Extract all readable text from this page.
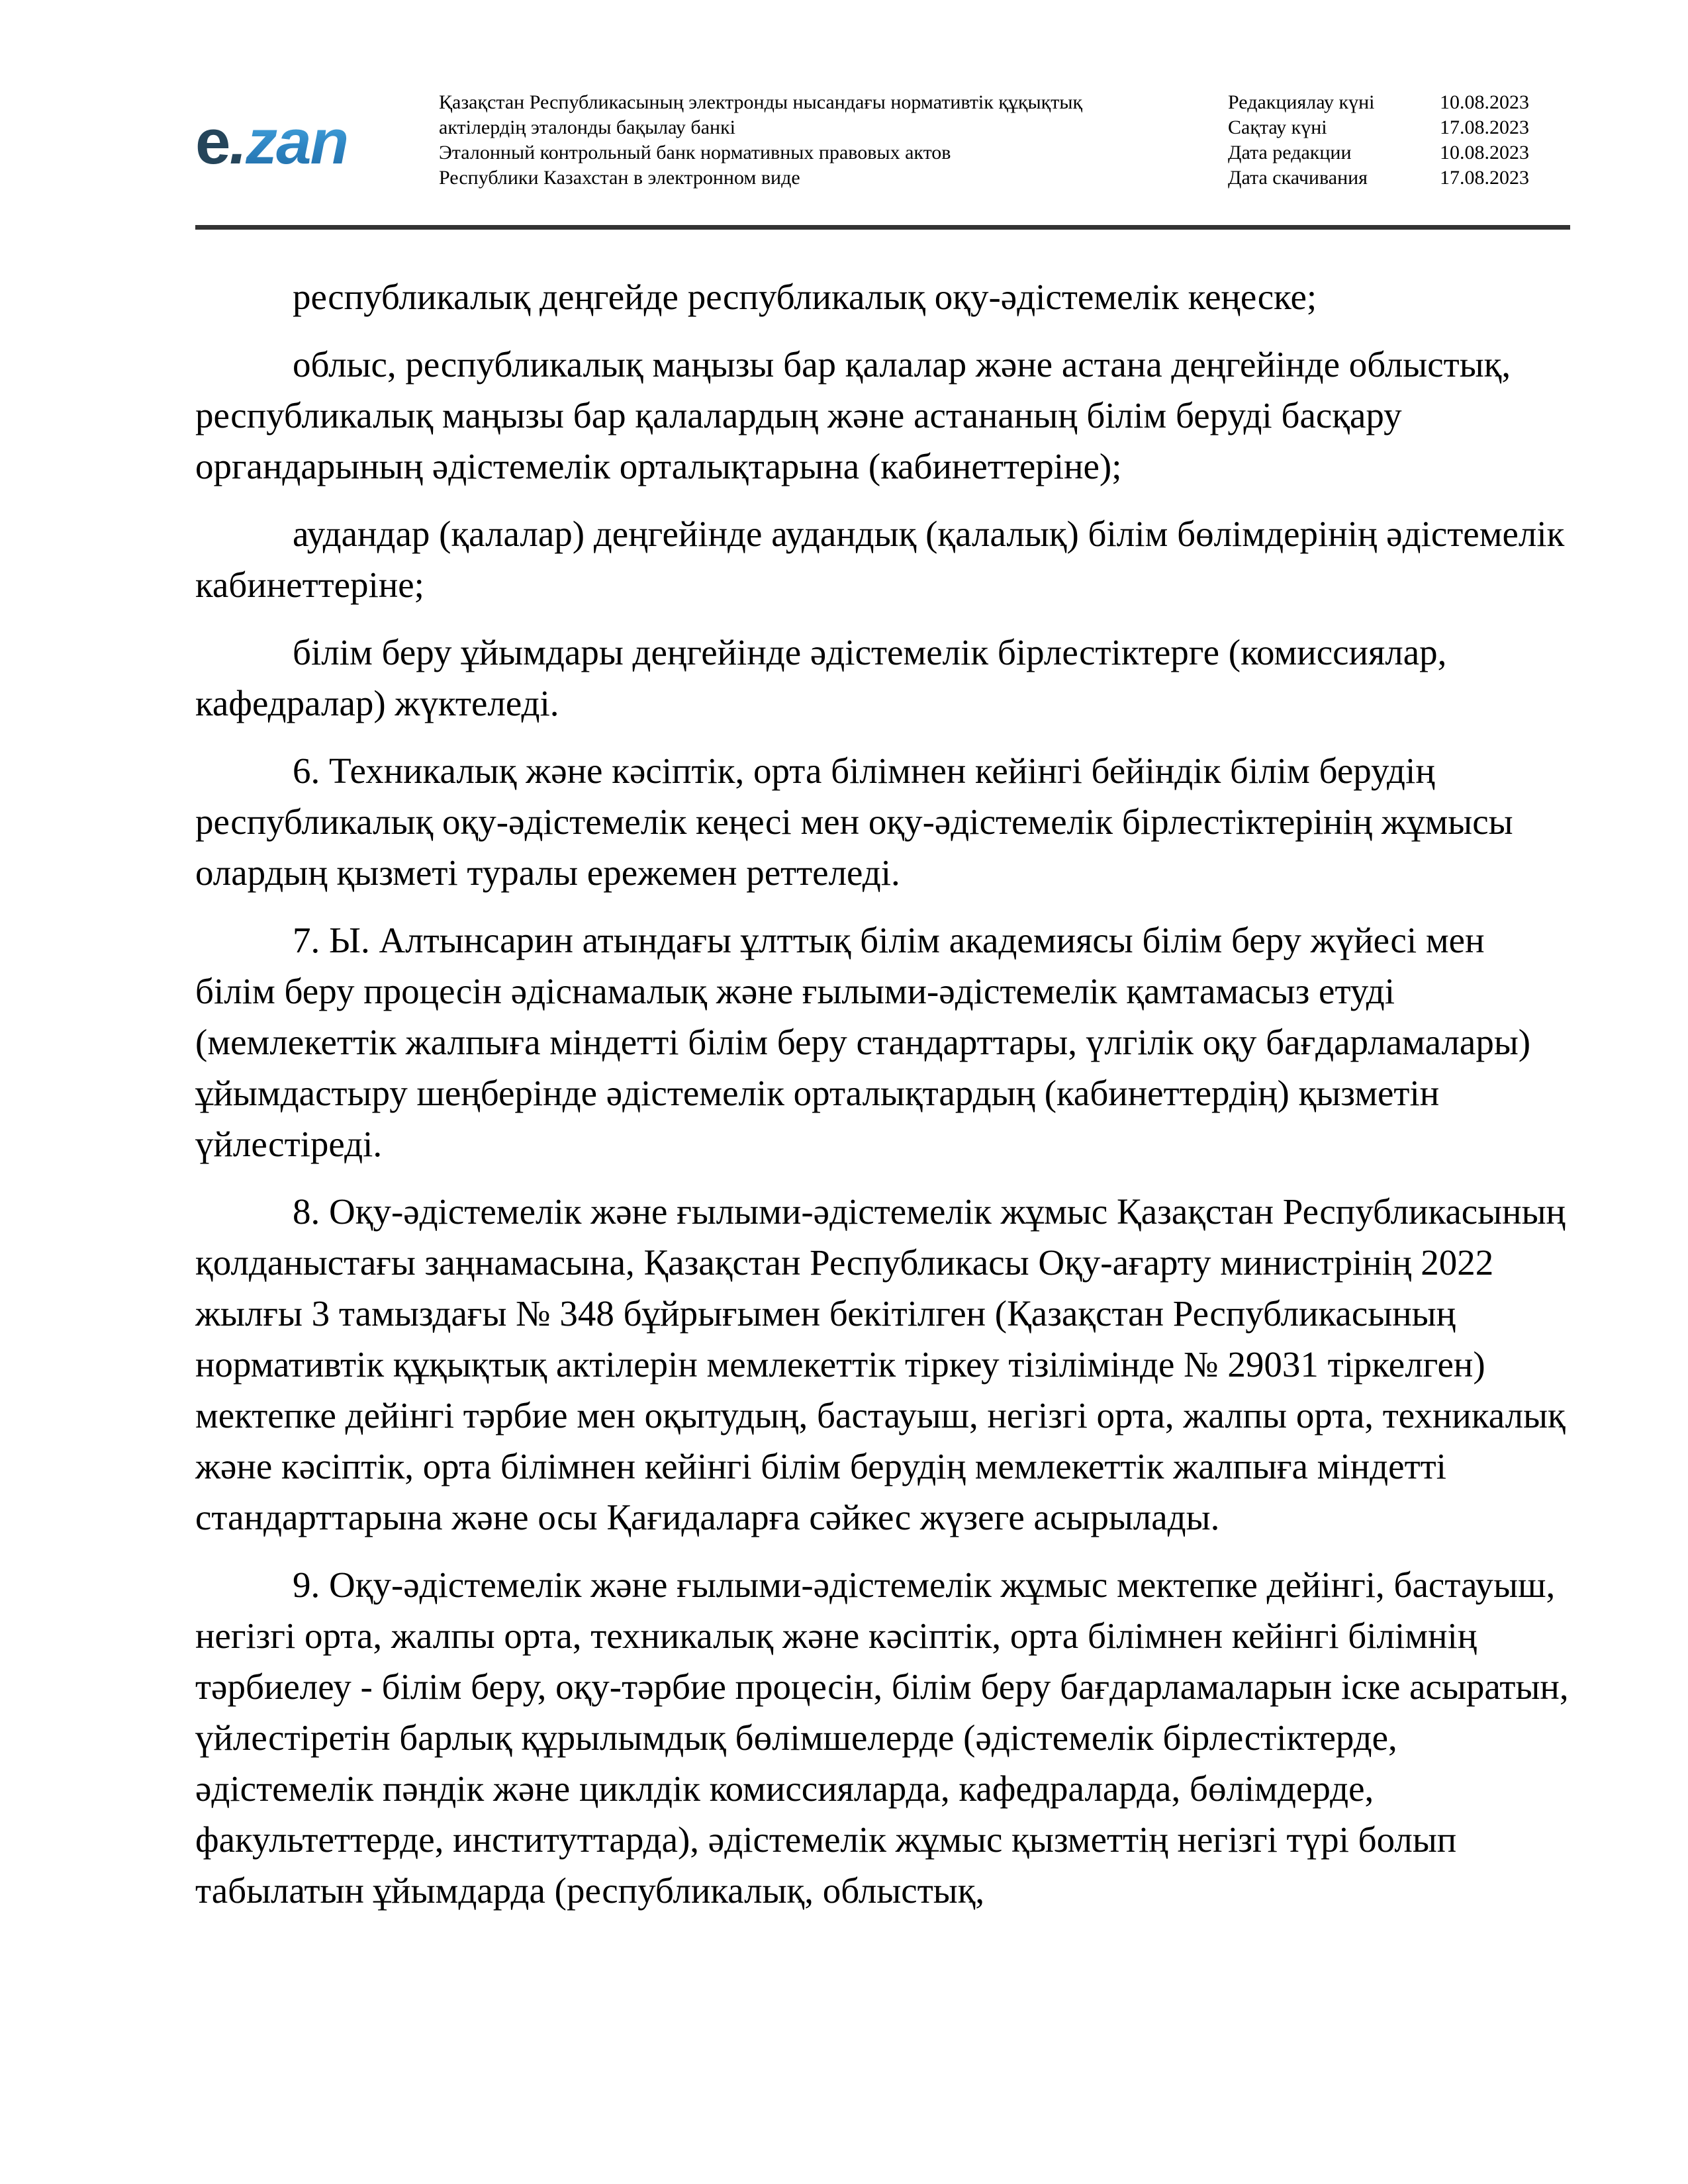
e.zan
Қазақстан Республикасының электронды нысандағы нормативтік құқықтық
актілердің эталонды бақылау банкі
Эталонный контрольный банк нормативных правовых актов
Республики Казахстан в электронном виде
Редакциялау күні	10.08.2023
Сақтау күні	17.08.2023
Дата редакции	10.08.2023
Дата скачивания	17.08.2023

республикалық деңгейде республикалық оқу-әдістемелік кеңеске;

облыс, республикалық маңызы бар қалалар және астана деңгейінде облыстық, республикалық маңызы бар қалалардың және астананың білім беруді басқару органдарының әдістемелік орталықтарына (кабинеттеріне);

аудандар (қалалар) деңгейінде аудандық (қалалық) білім бөлімдерінің әдістемелік кабинеттеріне;

білім беру ұйымдары деңгейінде әдістемелік бірлестіктерге (комиссиялар, кафедралар) жүктеледі.

6. Техникалық және кәсіптік, орта білімнен кейінгі бейіндік білім берудің республикалық оқу-әдістемелік кеңесі мен оқу-әдістемелік бірлестіктерінің жұмысы олардың қызметі туралы ережемен реттеледі.

7. Ы. Алтынсарин атындағы ұлттық білім академиясы білім беру жүйесі мен білім беру процесін әдіснамалық және ғылыми-әдістемелік қамтамасыз етуді (мемлекеттік жалпыға міндетті білім беру стандарттары, үлгілік оқу бағдарламалары) ұйымдастыру шеңберінде әдістемелік орталықтардың (кабинеттердің) қызметін үйлестіреді.

8. Оқу-әдістемелік және ғылыми-әдістемелік жұмыс Қазақстан Республикасының қолданыстағы заңнамасына, Қазақстан Республикасы Оқу-ағарту министрінің 2022 жылғы 3 тамыздағы № 348 бұйрығымен бекітілген (Қазақстан Республикасының нормативтік құқықтық актілерін мемлекеттік тіркеу тізілімінде № 29031 тіркелген) мектепке дейінгі тәрбие мен оқытудың, бастауыш, негізгі орта, жалпы орта, техникалық және кәсіптік, орта білімнен кейінгі білім берудің мемлекеттік жалпыға міндетті стандарттарына және осы Қағидаларға сәйкес жүзеге асырылады.

9. Оқу-әдістемелік және ғылыми-әдістемелік жұмыс мектепке дейінгі, бастауыш, негізгі орта, жалпы орта, техникалық және кәсіптік, орта білімнен кейінгі білімнің тәрбиелеу - білім беру, оқу-тәрбие процесін, білім беру бағдарламаларын іске асыратын, үйлестіретін барлық құрылымдық бөлімшелерде (әдістемелік бірлестіктерде, әдістемелік пәндік және циклдік комиссияларда, кафедраларда, бөлімдерде, факультеттерде, институттарда), әдістемелік жұмыс қызметтің негізгі түрі болып табылатын ұйымдарда (республикалық, облыстық,
